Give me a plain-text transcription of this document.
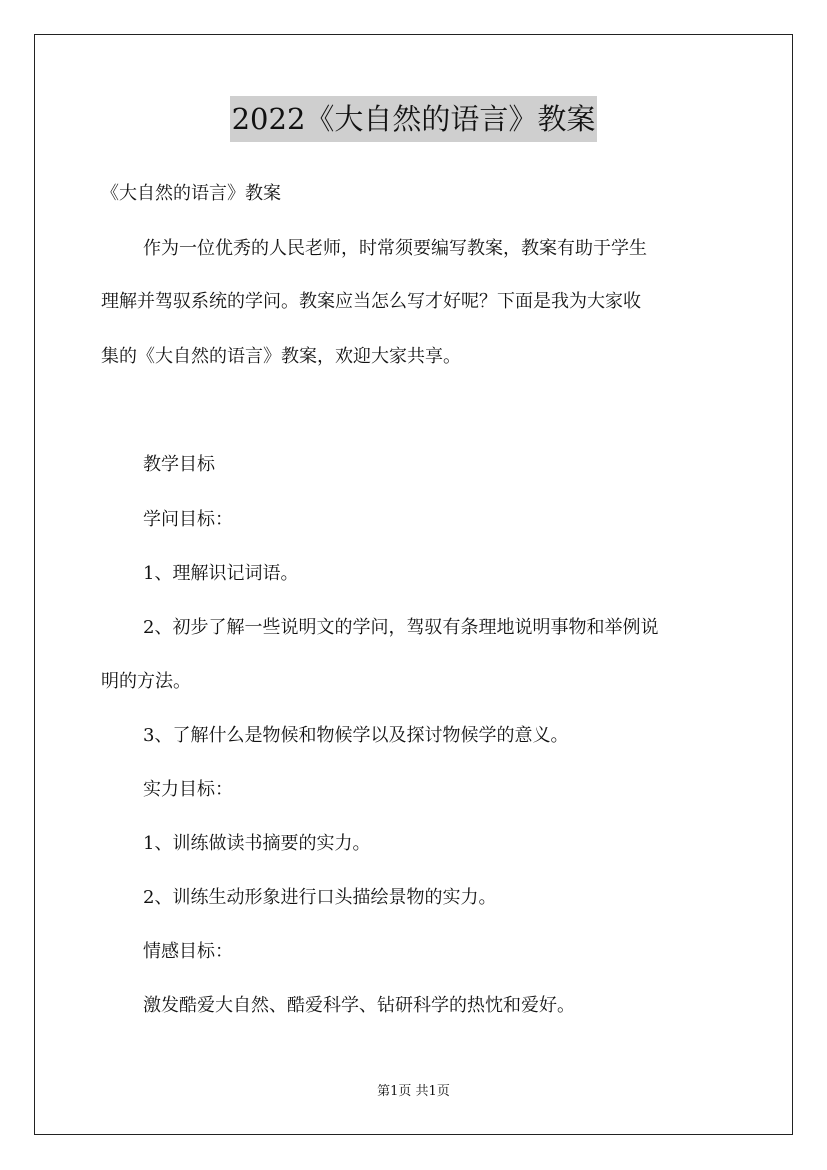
2022《大自然的语言》教案
《大自然的语言》教案
作为一位优秀的人民老师，时常须要编写教案，教案有助于学生
理解并驾驭系统的学问。教案应当怎么写才好呢？下面是我为大家收
集的《大自然的语言》教案，欢迎大家共享。
教学目标
学问目标：
1、理解识记词语。
2、初步了解一些说明文的学问，驾驭有条理地说明事物和举例说
明的方法。
3、了解什么是物候和物候学以及探讨物候学的意义。
实力目标：
1、训练做读书摘要的实力。
2、训练生动形象进行口头描绘景物的实力。
情感目标：
激发酷爱大自然、酷爱科学、钻研科学的热忱和爱好。
第1页 共1页
